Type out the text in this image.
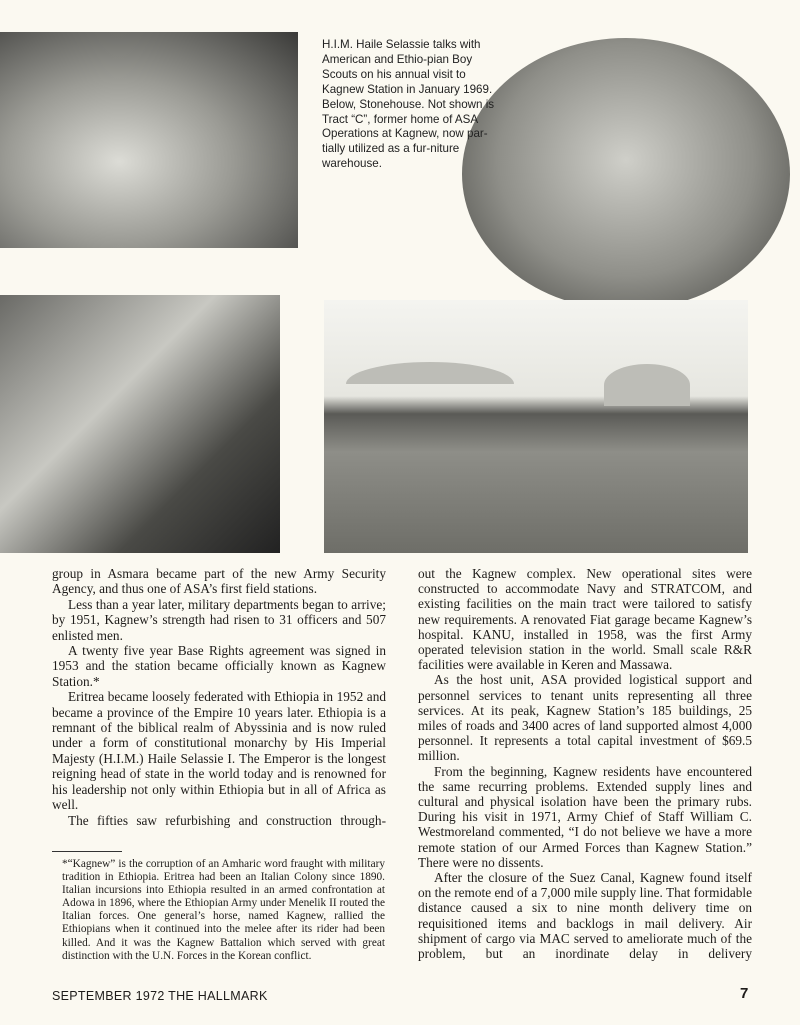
H.I.M. Haile Selassie talks with American and Ethio-pian Boy Scouts on his annual visit to Kagnew Station in January 1969. Below, Stonehouse. Not shown is Tract “C”, former home of ASA Operations at Kagnew, now par-tially utilized as a fur-niture warehouse.

group in Asmara became part of the new Army Security Agency, and thus one of ASA’s first field stations.

Less than a year later, military departments began to arrive; by 1951, Kagnew’s strength had risen to 31 officers and 507 enlisted men.

A twenty five year Base Rights agreement was signed in 1953 and the station became officially known as Kagnew Station.*

Eritrea became loosely federated with Ethiopia in 1952 and became a province of the Empire 10 years later. Ethiopia is a remnant of the biblical realm of Abyssinia and is now ruled under a form of constitutional monarchy by His Imperial Majesty (H.I.M.) Haile Selassie I. The Emperor is the longest reigning head of state in the world today and is renowned for his leadership not only within Ethiopia but in all of Africa as well.

The fifties saw refurbishing and construction through-

*“Kagnew” is the corruption of an Amharic word fraught with military tradition in Ethiopia. Eritrea had been an Italian Colony since 1890. Italian incursions into Ethiopia resulted in an armed confrontation at Adowa in 1896, where the Ethiopian Army under Menelik II routed the Italian forces. One general’s horse, named Kagnew, rallied the Ethiopians when it continued into the melee after its rider had been killed. And it was the Kagnew Battalion which served with great distinction with the U.N. Forces in the Korean conflict.

out the Kagnew complex. New operational sites were constructed to accommodate Navy and STRATCOM, and existing facilities on the main tract were tailored to satisfy new requirements. A renovated Fiat garage became Kagnew’s hospital. KANU, installed in 1958, was the first Army operated television station in the world. Small scale R&R facilities were available in Keren and Massawa.

As the host unit, ASA provided logistical support and personnel services to tenant units representing all three services. At its peak, Kagnew Station’s 185 buildings, 25 miles of roads and 3400 acres of land supported almost 4,000 personnel. It represents a total capital investment of $69.5 million.

From the beginning, Kagnew residents have encountered the same recurring problems. Extended supply lines and cultural and physical isolation have been the primary rubs. During his visit in 1971, Army Chief of Staff William C. Westmoreland commented, “I do not believe we have a more remote station of our Armed Forces than Kagnew Station.” There were no dissents.

After the closure of the Suez Canal, Kagnew found itself on the remote end of a 7,000 mile supply line. That formidable distance caused a six to nine month delivery time on requisitioned items and backlogs in mail delivery. Air shipment of cargo via MAC served to ameliorate much of the problem, but an inordinate delay in delivery

SEPTEMBER 1972 THE HALLMARK	7
